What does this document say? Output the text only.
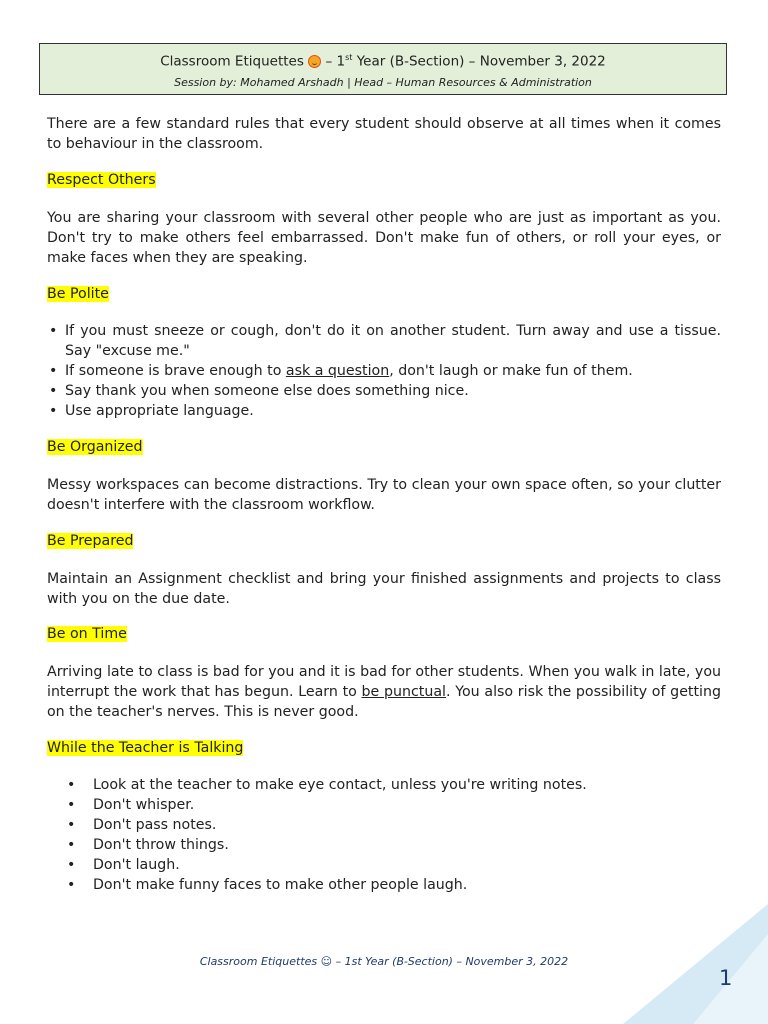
Classroom Etiquettes  – 1st Year (B-Section) – November 3, 2022
Session by: Mohamed Arshadh | Head – Human Resources & Administration

There are a few standard rules that every student should observe at all times when it comes to behaviour in the classroom.

Respect Others

You are sharing your classroom with several other people who are just as important as you. Don't try to make others feel embarrassed. Don't make fun of others, or roll your eyes, or make faces when they are speaking.

Be Polite
• If you must sneeze or cough, don't do it on another student. Turn away and use a tissue. Say "excuse me."
• If someone is brave enough to ask a question, don't laugh or make fun of them.
• Say thank you when someone else does something nice.
• Use appropriate language.
Be Organized

Messy workspaces can become distractions. Try to clean your own space often, so your clutter doesn't interfere with the classroom workflow.

Be Prepared

Maintain an Assignment checklist and bring your finished assignments and projects to class with you on the due date.

Be on Time

Arriving late to class is bad for you and it is bad for other students. When you walk in late, you interrupt the work that has begun. Learn to be punctual. You also risk the possibility of getting on the teacher's nerves. This is never good.

While the Teacher is Talking
• Look at the teacher to make eye contact, unless you're writing notes.
• Don't whisper.
• Don't pass notes.
• Don't throw things.
• Don't laugh.
• Don't make funny faces to make other people laugh.
Classroom Etiquettes ☺ – 1st Year (B-Section) – November 3, 2022
1
